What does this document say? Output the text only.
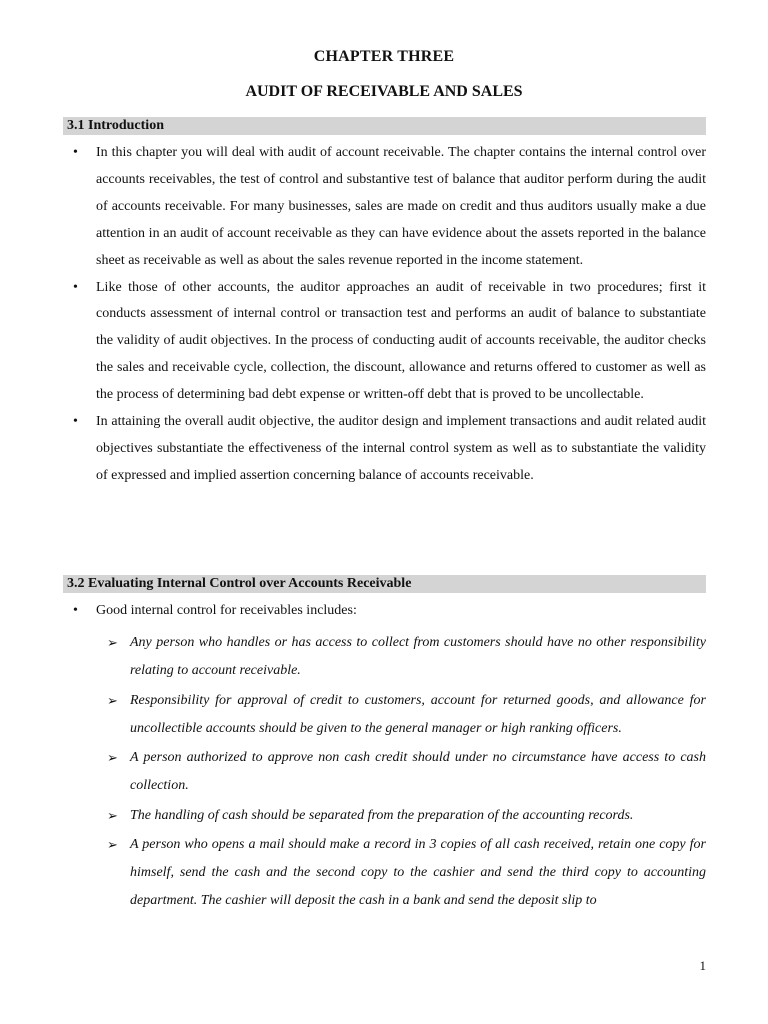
CHAPTER THREE
AUDIT OF RECEIVABLE AND SALES
3.1 Introduction
• In this chapter you will deal with audit of account receivable. The chapter contains the internal control over accounts receivables, the test of control and substantive test of balance that auditor perform during the audit of accounts receivable. For many businesses, sales are made on credit and thus auditors usually make a due attention in an audit of account receivable as they can have evidence about the assets reported in the balance sheet as receivable as well as about the sales revenue reported in the income statement.
• Like those of other accounts, the auditor approaches an audit of receivable in two procedures; first it conducts assessment of internal control or transaction test and performs an audit of balance to substantiate the validity of audit objectives. In the process of conducting audit of accounts receivable, the auditor checks the sales and receivable cycle, collection, the discount, allowance and returns offered to customer as well as the process of determining bad debt expense or written-off debt that is proved to be uncollectable.
• In attaining the overall audit objective, the auditor design and implement transactions and audit related audit objectives substantiate the effectiveness of the internal control system as well as to substantiate the validity of expressed and implied assertion concerning balance of accounts receivable.
3.2 Evaluating Internal Control over Accounts Receivable
• Good internal control for receivables includes:
➢ Any person who handles or has access to collect from customers should have no other responsibility relating to account receivable.
➢ Responsibility for approval of credit to customers, account for returned goods, and allowance for uncollectible accounts should be given to the general manager or high ranking officers.
➢ A person authorized to approve non cash credit should under no circumstance have access to cash collection.
➢ The handling of cash should be separated from the preparation of the accounting records.
➢ A person who opens a mail should make a record in 3 copies of all cash received, retain one copy for himself, send the cash and the second copy to the cashier and send the third copy to accounting department. The cashier will deposit the cash in a bank and send the deposit slip to
1
